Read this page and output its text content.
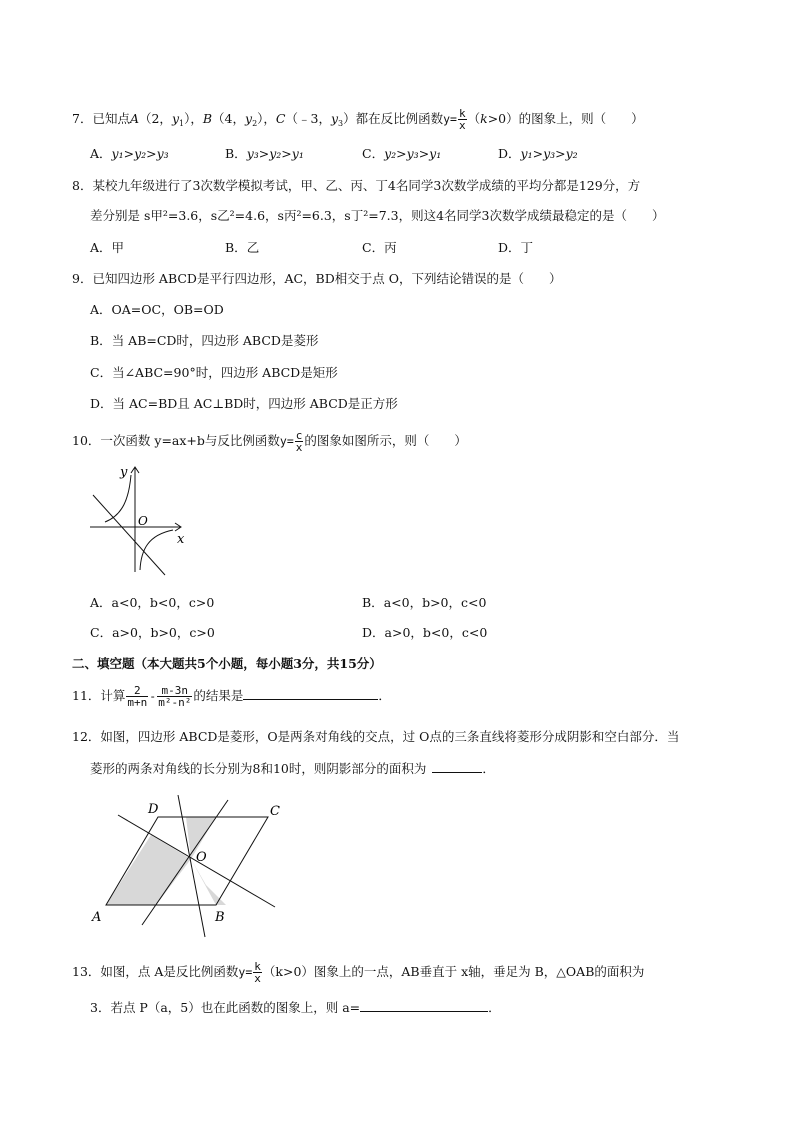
7．已知点A（2，$y_1$），B（4，$y_2$），C（﹣3，$y_3$）都在反比例函数$y= \frac{k}{x} (k>0)$的图象上，则（　　）
A．y₁>y₂>y₃	B．y₃>y₂>y₁	C．y₂>y₃>y₁	D．y₁>y₃>y₂
8．某校九年级进行了3次数学模拟考试，甲、乙、丙、丁4名同学3次数学成绩的平均分都是129分，方
差分别是 s甲²=3.6，s乙²=4.6，s丙²=6.3，s丁²=7.3，则这4名同学3次数学成绩最稳定的是（　　）
A．甲	B．乙	C．丙	D．丁
9．已知四边形 ABCD是平行四边形，AC，BD相交于点 O，下列结论错误的是（　　）
A．OA=OC，OB=OD
B．当 AB=CD时，四边形 ABCD是菱形
C．当∠ABC=90°时，四边形 ABCD是矩形
D．当 AC=BD且 AC⊥BD时，四边形 ABCD是正方形
10．一次函数 y=ax+b与反比例函数$y= \frac{c}{x}$ 的图象如图所示，则（　　）
y
O
x
A．a<0，b<0，c>0	B．a<0，b>0，c<0
C．a>0，b>0，c>0	D．a>0，b<0，c<0
二、填空题（本大题共5个小题，每小题3分，共15分）
11．计算 $\frac{2}{m+n} - \frac{m-3n}{\text{m²-n²}}$ 的结果是	．
12．如图，四边形 ABCD是菱形，O是两条对角线的交点，过 O点的三条直线将菱形分成阴影和空白部分．当
菱形的两条对角线的长分别为8和10时，则阴影部分的面积为	．
D	C
O
A	B
13．如图，点 A是反比例函数$y= \frac{k}{x} (k>0)$图象上的一点，AB垂直于 x轴，垂足为 B，△OAB的面积为
3．若点 P（a，5）也在此函数的图象上，则 a=	．
